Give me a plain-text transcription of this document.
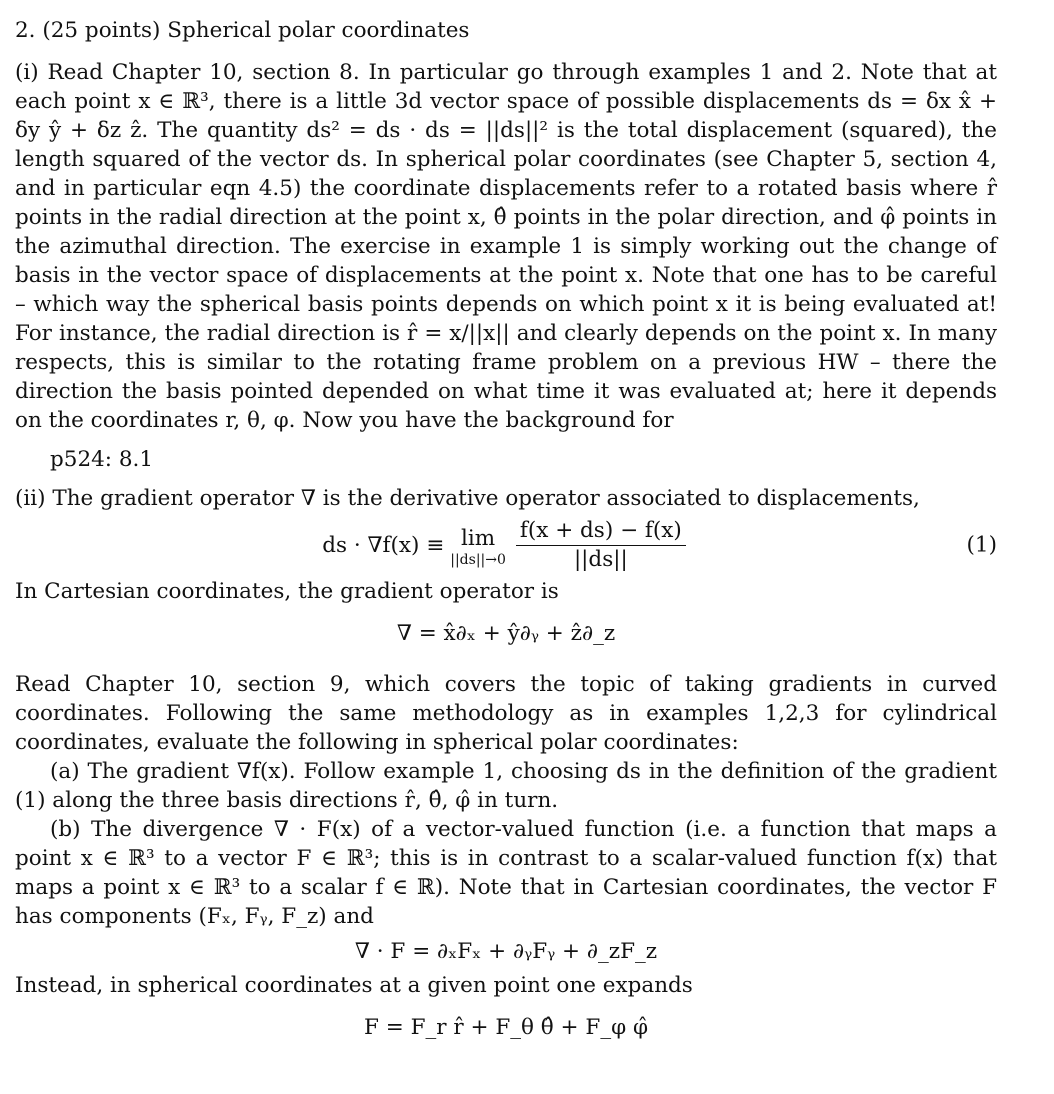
2. (25 points) Spherical polar coordinates

(i) Read Chapter 10, section 8. In particular go through examples 1 and 2. Note that at each point x ∈ ℝ³, there is a little 3d vector space of possible displacements ds = δx x̂ + δy ŷ + δz ẑ. The quantity ds² = ds · ds = ||ds||² is the total displacement (squared), the length squared of the vector ds. In spherical polar coordinates (see Chapter 5, section 4, and in particular eqn 4.5) the coordinate displacements refer to a rotated basis where r̂ points in the radial direction at the point x, θ̂ points in the polar direction, and φ̂ points in the azimuthal direction. The exercise in example 1 is simply working out the change of basis in the vector space of displacements at the point x. Note that one has to be careful – which way the spherical basis points depends on which point x it is being evaluated at! For instance, the radial direction is r̂ = x/||x|| and clearly depends on the point x. In many respects, this is similar to the rotating frame problem on a previous HW – there the direction the basis pointed depended on what time it was evaluated at; here it depends on the coordinates r, θ, φ. Now you have the background for

p524: 8.1

(ii) The gradient operator ∇ is the derivative operator associated to displacements,

ds · ∇f(x) ≡ lim
$||ds||\to 0 \frac{f(x + ds) - f(x)}{||ds||}$	(1)

In Cartesian coordinates, the gradient operator is

∇ = x̂∂ₓ + ŷ∂ᵧ + ẑ∂_z

Read Chapter 10, section 9, which covers the topic of taking gradients in curved coordinates. Following the same methodology as in examples 1,2,3 for cylindrical coordinates, evaluate the following in spherical polar coordinates:

(a) The gradient ∇f(x). Follow example 1, choosing ds in the definition of the gradient (1) along the three basis directions r̂, θ̂, φ̂ in turn.

(b) The divergence ∇ · F(x) of a vector-valued function (i.e. a function that maps a point x ∈ ℝ³ to a vector F ∈ ℝ³; this is in contrast to a scalar-valued function f(x) that maps a point x ∈ ℝ³ to a scalar f ∈ ℝ). Note that in Cartesian coordinates, the vector F has components (Fₓ, Fᵧ, F_z) and

∇ · F = ∂ₓFₓ + ∂ᵧFᵧ + ∂_zF_z

Instead, in spherical coordinates at a given point one expands

F = F_r r̂ + F_θ θ̂ + F_φ φ̂
